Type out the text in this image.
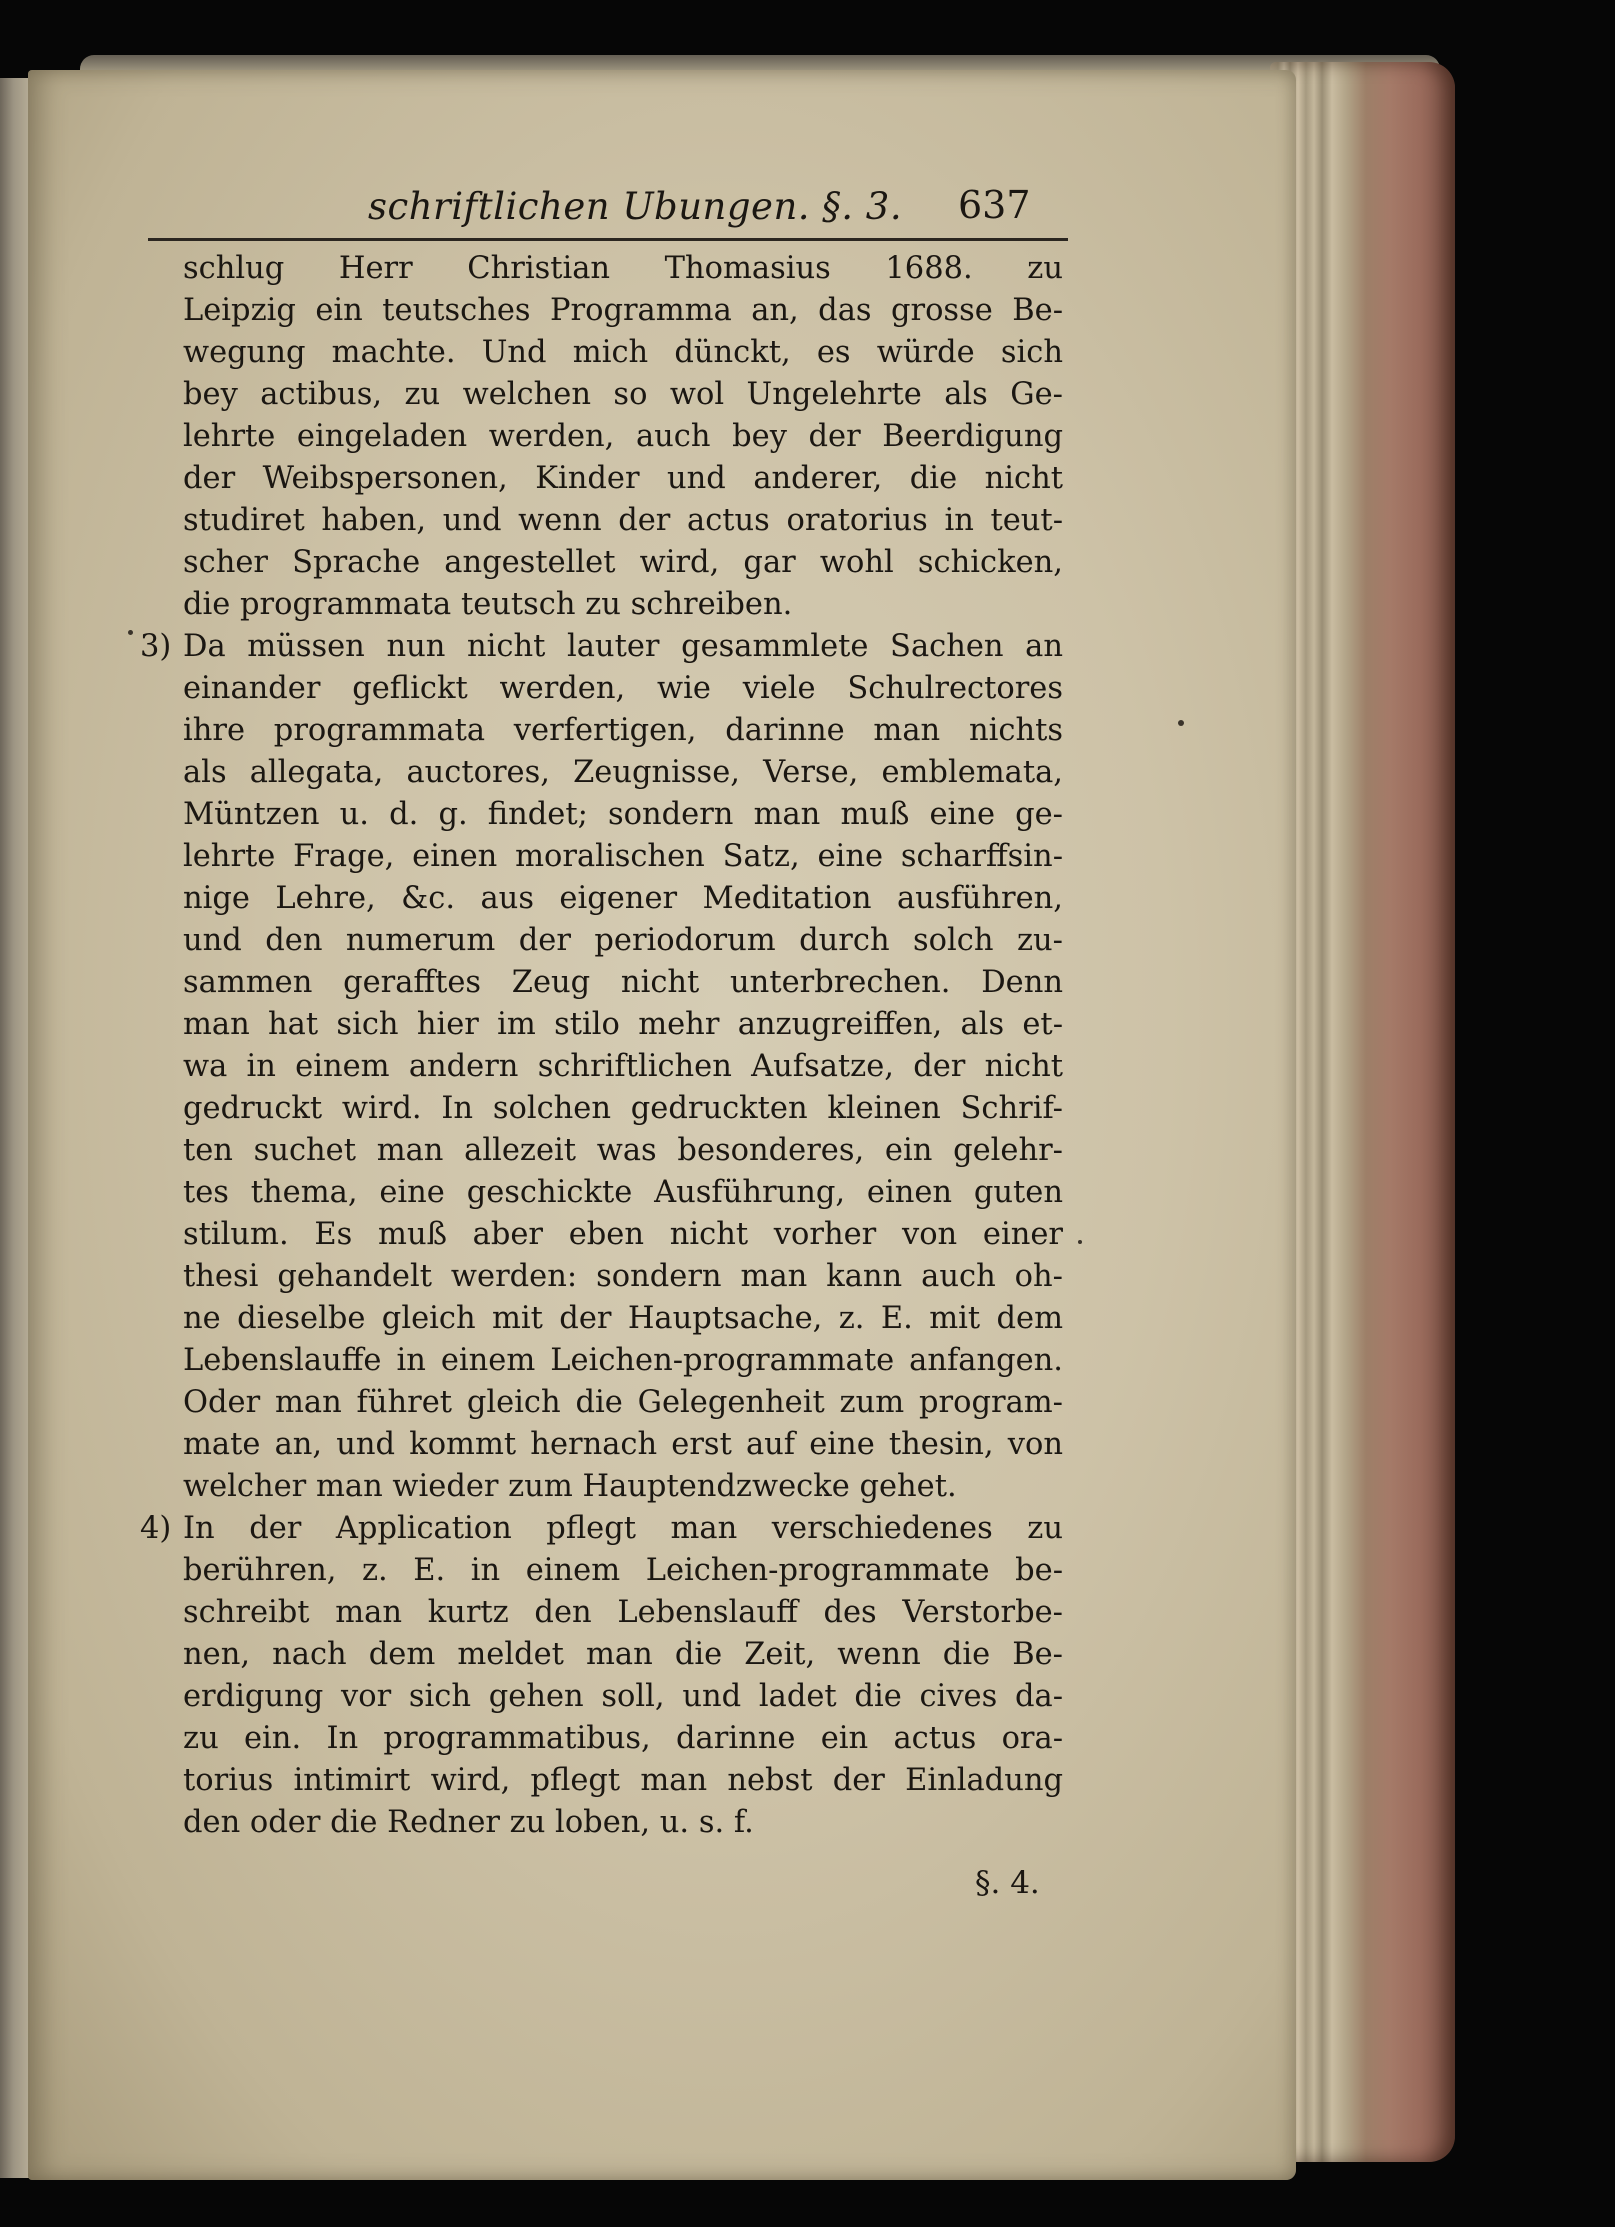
schriftlichen Ubungen. §. 3. 637
schlug Herr Christian Thomasius 1688. zu
Leipzig ein teutsches Programma an, das grosse Be-
wegung machte. Und mich dünckt, es würde sich
bey actibus, zu welchen so wol Ungelehrte als Ge-
lehrte eingeladen werden, auch bey der Beerdigung
der Weibspersonen, Kinder und anderer, die nicht
studiret haben, und wenn der actus oratorius in teut-
scher Sprache angestellet wird, gar wohl schicken,
die programmata teutsch zu schreiben.
3) Da müssen nun nicht lauter gesammlete Sachen an
einander geflickt werden, wie viele Schulrectores
ihre programmata verfertigen, darinne man nichts
als allegata, auctores, Zeugnisse, Verse, emblemata,
Müntzen u. d. g. findet; sondern man muß eine ge-
lehrte Frage, einen moralischen Satz, eine scharffsin-
nige Lehre, &c. aus eigener Meditation ausführen,
und den numerum der periodorum durch solch zu-
sammen gerafftes Zeug nicht unterbrechen. Denn
man hat sich hier im stilo mehr anzugreiffen, als et-
wa in einem andern schriftlichen Aufsatze, der nicht
gedruckt wird. In solchen gedruckten kleinen Schrif-
ten suchet man allezeit was besonderes, ein gelehr-
tes thema, eine geschickte Ausführung, einen guten
stilum. Es muß aber eben nicht vorher von einer
thesi gehandelt werden: sondern man kann auch oh-
ne dieselbe gleich mit der Hauptsache, z. E. mit dem
Lebenslauffe in einem Leichen-programmate anfangen.
Oder man führet gleich die Gelegenheit zum program-
mate an, und kommt hernach erst auf eine thesin, von
welcher man wieder zum Hauptendzwecke gehet.
4) In der Application pflegt man verschiedenes zu
berühren, z. E. in einem Leichen-programmate be-
schreibt man kurtz den Lebenslauff des Verstorbe-
nen, nach dem meldet man die Zeit, wenn die Be-
erdigung vor sich gehen soll, und ladet die cives da-
zu ein. In programmatibus, darinne ein actus ora-
torius intimirt wird, pflegt man nebst der Einladung
den oder die Redner zu loben, u. s. f.
§. 4.
